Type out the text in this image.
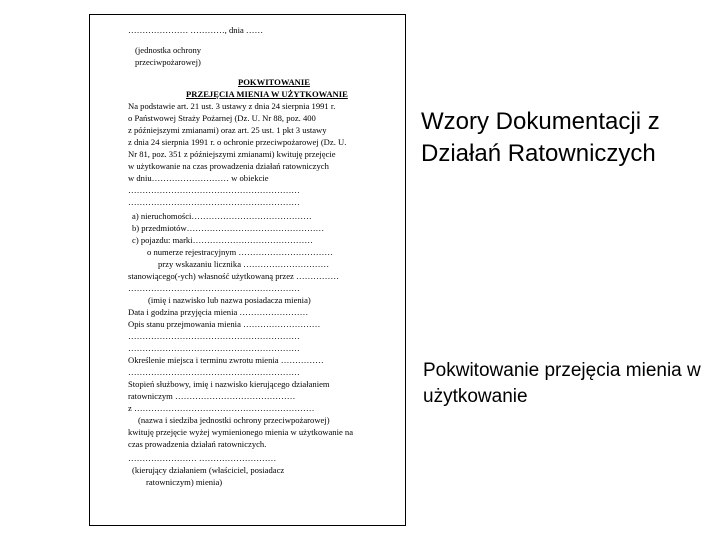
………………… …………, dnia ……
(jednostka ochrony
przeciwpożarowej)
POKWITOWANIE
PRZEJĘCIA MIENIA W UŻYTKOWANIE
Na podstawie art. 21 ust. 3 ustawy z dnia 24 sierpnia 1991 r.
o Państwowej Straży Pożarnej (Dz. U. Nr 88, poz. 400
z późniejszymi zmianami) oraz art. 25 ust. 1 pkt 3 ustawy
z dnia 24 sierpnia 1991 r. o ochronie przeciwpożarowej (Dz. U.
Nr 81, poz. 351 z późniejszymi zmianami) kwituję przejęcie
w użytkowanie na czas prowadzenia działań ratowniczych
w dniu……………………… w obiekcie
……………………………………………………
……………………………………………………
a) nieruchomości……………………………………
b) przedmiotów…………………………………………
c) pojazdu: marki……………………………………
o numerze rejestracyjnym ……………………………
przy wskazaniu licznika …………………………
stanowiącego(-ych) własność użytkowaną przez ……………
……………………………………………………
(imię i nazwisko lub nazwa posiadacza mienia)
Data i godzina przyjęcia mienia ……………………
Opis stanu przejmowania mienia ………………………
……………………………………………………
……………………………………………………
Określenie miejsca i terminu zwrotu mienia ……………
……………………………………………………
Stopień służbowy, imię i nazwisko kierującego działaniem
ratowniczym ……………………………………
z ………………………………………………………
(nazwa i siedziba jednostki ochrony przeciwpożarowej)
kwituję przejęcie wyżej wymienionego mienia w użytkowanie na
czas prowadzenia działań ratowniczych.
…………………… ………………………
(kierujący działaniem (właściciel, posiadacz
ratowniczym) mienia)
Wzory Dokumentacji z Działań Ratowniczych
Pokwitowanie przejęcia mienia w użytkowanie
